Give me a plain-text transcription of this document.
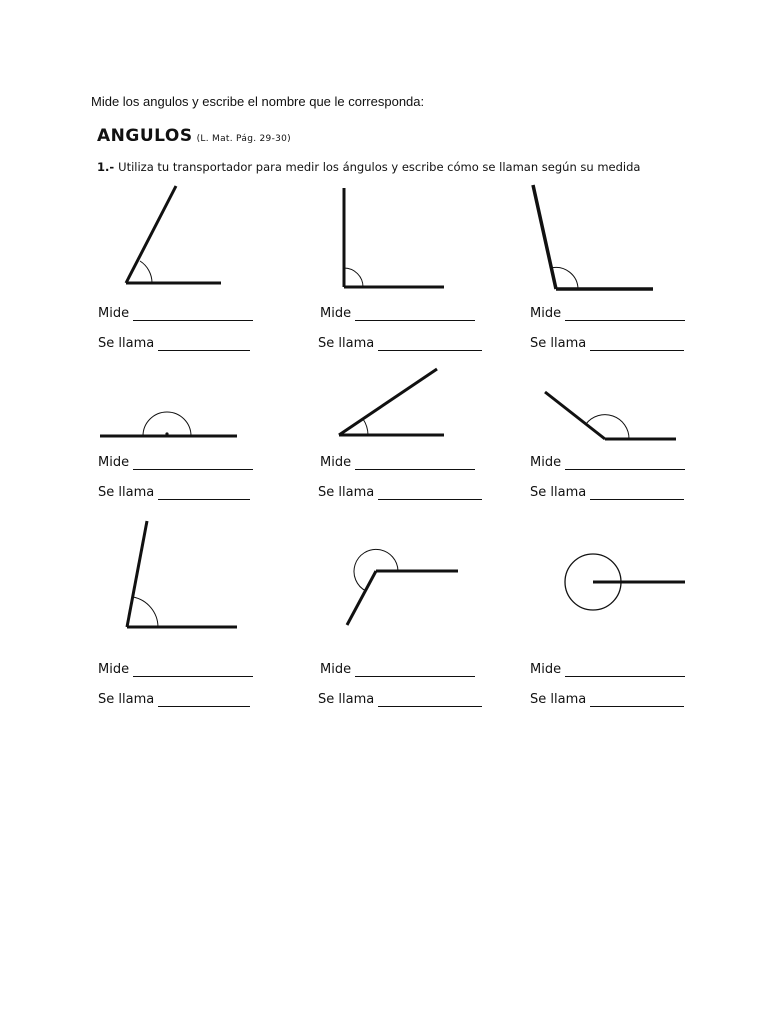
Mide los angulos y escribe el nombre que le corresponda:
ANGULOS (L. Mat. Pág. 29-30)
1.- Utiliza tu transportador para medir los ángulos y escribe cómo se llaman según su medida
Mide
Se llama
Mide
Se llama
Mide
Se llama
Mide
Se llama
Mide
Se llama
Mide
Se llama
Mide
Se llama
Mide
Se llama
Mide
Se llama
